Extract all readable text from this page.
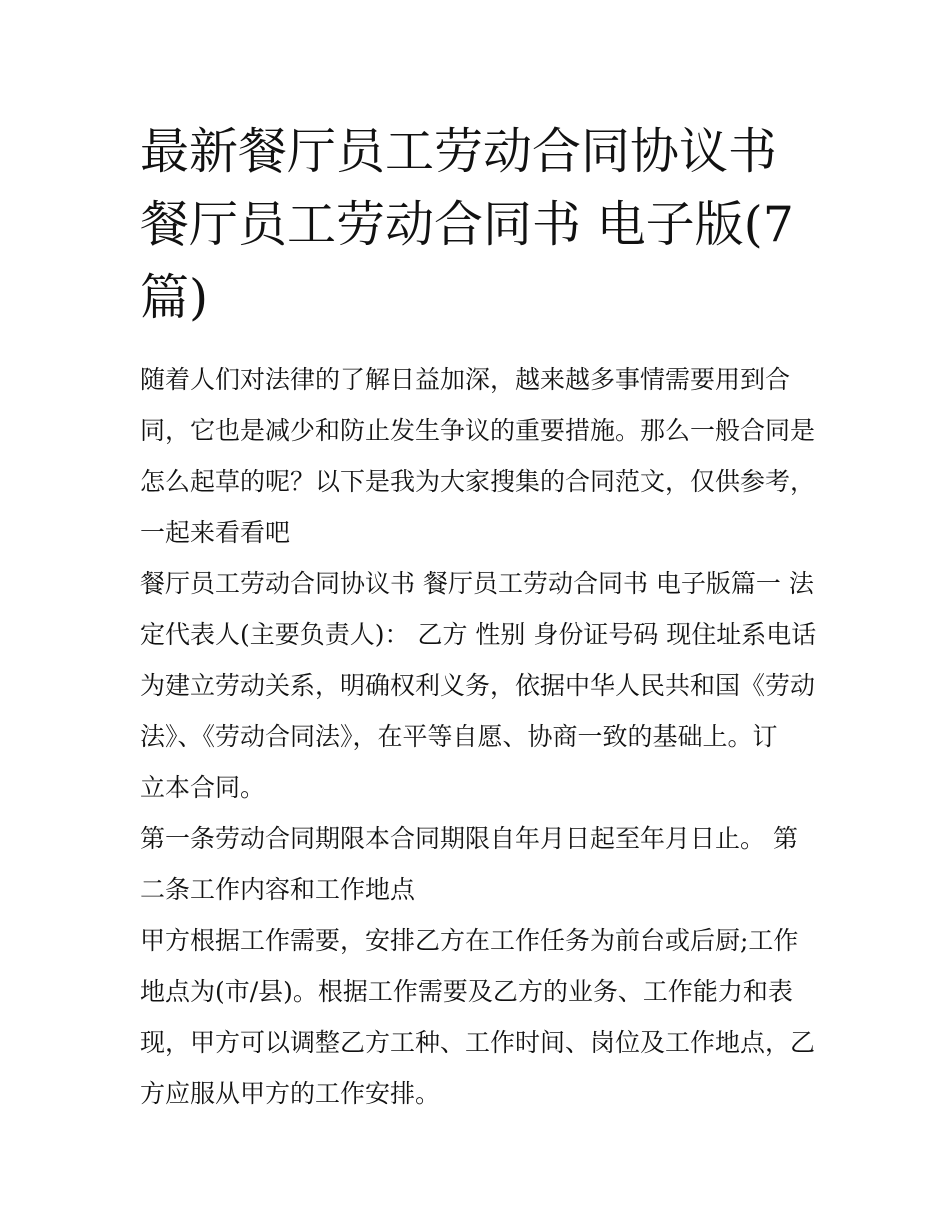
最新餐厅员工劳动合同协议书
餐厅员工劳动合同书 电子版(7
篇)

随着人们对法律的了解日益加深，越来越多事情需要用到合
同，它也是减少和防止发生争议的重要措施。那么一般合同是
怎么起草的呢？以下是我为大家搜集的合同范文，仅供参考，
一起来看看吧

餐厅员工劳动合同协议书 餐厅员工劳动合同书 电子版篇一 法
定代表人(主要负责人)： 乙方 性别 身份证号码 现住址系电话
为建立劳动关系，明确权利义务，依据中华人民共和国《劳动
法》、《劳动合同法》，在平等自愿、协商一致的基础上。订
立本合同。

第一条劳动合同期限本合同期限自年月日起至年月日止。 第
二条工作内容和工作地点

甲方根据工作需要，安排乙方在工作任务为前台或后厨;工作
地点为(市/县)。根据工作需要及乙方的业务、工作能力和表
现，甲方可以调整乙方工种、工作时间、岗位及工作地点，乙
方应服从甲方的工作安排。
